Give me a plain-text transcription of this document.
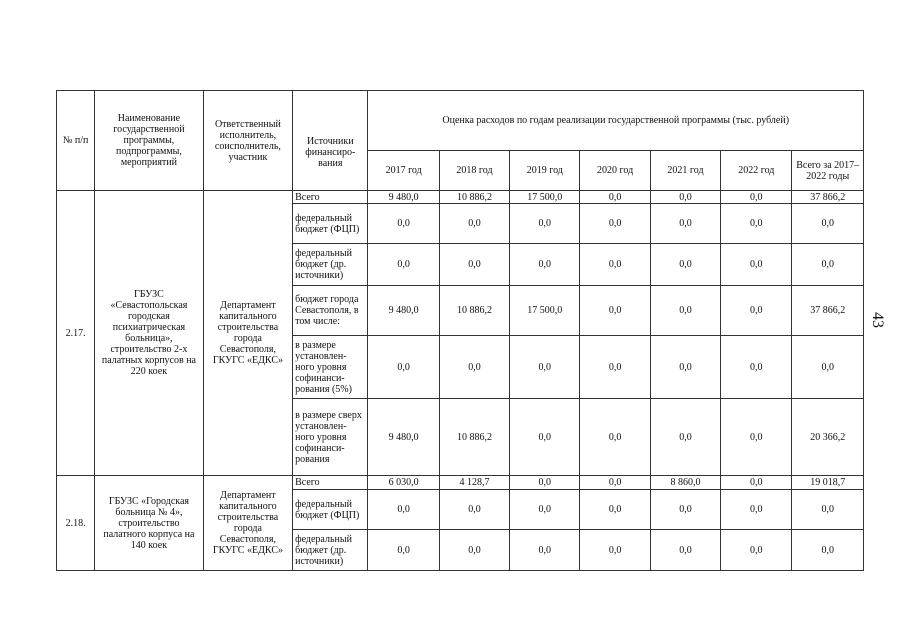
43
№ п/п	Наименование государственной программы, подпрограммы, мероприятий	Ответственный исполнитель, соисполнитель, участник	Источники финансиро-вания	Оценка расходов по годам реализации государственной программы (тыс. рублей)						
				2017 год	2018 год	2019 год	2020 год	2021 год	2022 год	Всего за 2017–2022 годы
2.17.	ГБУЗС «Севастопольская городская психиатрическая больница», строительство 2-х палатных корпусов на 220 коек	Департамент капитального строительства города Севастополя, ГКУГС «ЕДКС»	Всего	9 480,0	10 886,2	17 500,0	0,0	0,0	0,0	37 866,2
			федеральный бюджет (ФЦП)	0,0	0,0	0,0	0,0	0,0	0,0	0,0
			федеральный бюджет (др. источники)	0,0	0,0	0,0	0,0	0,0	0,0	0,0
			бюджет города Севастополя, в том числе:	9 480,0	10 886,2	17 500,0	0,0	0,0	0,0	37 866,2
			в размере установлен-ного уровня софинанси-рования (5%)	0,0	0,0	0,0	0,0	0,0	0,0	0,0
			в размере сверх установлен-ного уровня софинанси-рования	9 480,0	10 886,2	0,0	0,0	0,0	0,0	20 366,2
2.18.	ГБУЗС «Городская больница № 4», строительство палатного корпуса на 140 коек	Департамент капитального строительства города Севастополя, ГКУГС «ЕДКС»	Всего	6 030,0	4 128,7	0,0	0,0	8 860,0	0,0	19 018,7
			федеральный бюджет (ФЦП)	0,0	0,0	0,0	0,0	0,0	0,0	0,0
			федеральный бюджет (др. источники)	0,0	0,0	0,0	0,0	0,0	0,0	0,0
